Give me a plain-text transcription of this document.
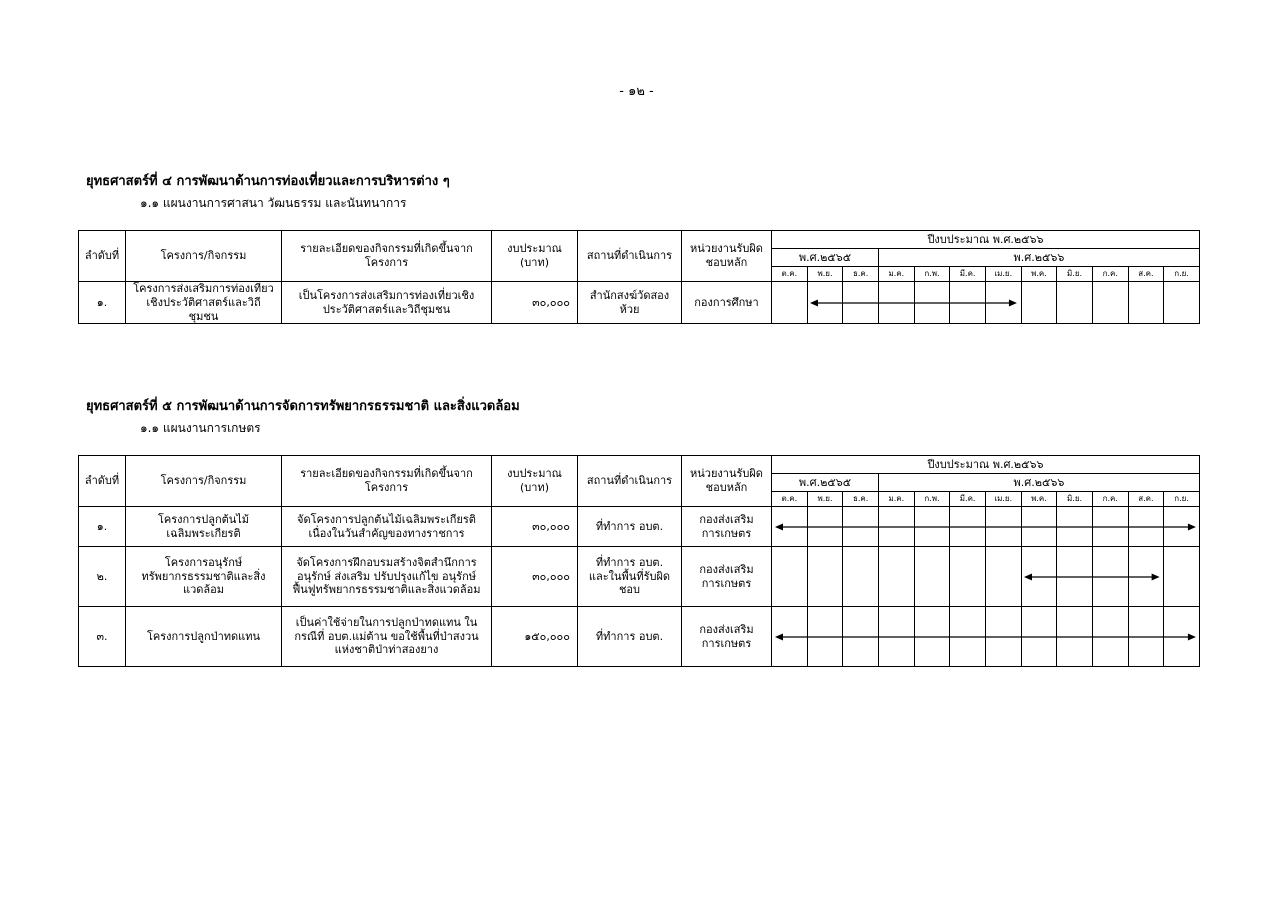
- ๑๒ -
ยุทธศาสตร์ที่ ๔ การพัฒนาด้านการท่องเที่ยวและการบริหารต่าง ๆ
๑.๑ แผนงานการศาสนา วัฒนธรรม และนันทนาการ
ลำดับที่	โครงการ/กิจกรรม	รายละเอียดของกิจกรรมที่เกิดขึ้นจากโครงการ	งบประมาณ (บาท)	สถานที่ดำเนินการ	หน่วยงานรับผิดชอบหลัก	ปีงบประมาณ พ.ศ.๒๕๖๖											
						พ.ศ.๒๕๖๕			พ.ศ.๒๕๖๖								
						ต.ค.	พ.ย.	ธ.ค.	ม.ค.	ก.พ.	มี.ค.	เม.ย.	พ.ค.	มิ.ย.	ก.ค.	ส.ค.	ก.ย.
๑.	โครงการส่งเสริมการท่องเที่ยวเชิงประวัติศาสตร์และวิถีชุมชน	เป็นโครงการส่งเสริมการท่องเที่ยวเชิงประวัติศาสตร์และวิถีชุมชน	๓๐,๐๐๐	สำนักสงฆ์วัดสองห้วย	กองการศึกษา												
ยุทธศาสตร์ที่ ๕ การพัฒนาด้านการจัดการทรัพยากรธรรมชาติ และสิ่งแวดล้อม
๑.๑ แผนงานการเกษตร
ลำดับที่	โครงการ/กิจกรรม	รายละเอียดของกิจกรรมที่เกิดขึ้นจากโครงการ	งบประมาณ (บาท)	สถานที่ดำเนินการ	หน่วยงานรับผิดชอบหลัก	ปีงบประมาณ พ.ศ.๒๕๖๖											
						พ.ศ.๒๕๖๕			พ.ศ.๒๕๖๖								
						ต.ค.	พ.ย.	ธ.ค.	ม.ค.	ก.พ.	มี.ค.	เม.ย.	พ.ค.	มิ.ย.	ก.ค.	ส.ค.	ก.ย.
๑.	โครงการปลูกต้นไม้เฉลิมพระเกียรติ	จัดโครงการปลูกต้นไม้เฉลิมพระเกียรติเนื่องในวันสำคัญของทางราชการ	๓๐,๐๐๐	ที่ทำการ อบต.	กองส่งเสริมการเกษตร												
๒.	โครงการอนุรักษ์ทรัพยากรธรรมชาติและสิ่งแวดล้อม	จัดโครงการฝึกอบรมสร้างจิตสำนึกการอนุรักษ์ ส่งเสริม ปรับปรุงแก้ไข อนุรักษ์ฟื้นฟูทรัพยากรธรรมชาติและสิ่งแวดล้อม	๓๐,๐๐๐	ที่ทำการ อบต. และในพื้นที่รับผิดชอบ	กองส่งเสริมการเกษตร												
๓.	โครงการปลูกป่าทดแทน	เป็นค่าใช้จ่ายในการปลูกป่าทดแทน ในกรณีที่ อบต.แม่ต้าน ขอใช้พื้นที่ป่าสงวนแห่งชาติป่าท่าสองยาง	๑๕๐,๐๐๐	ที่ทำการ อบต.	กองส่งเสริมการเกษตร												
